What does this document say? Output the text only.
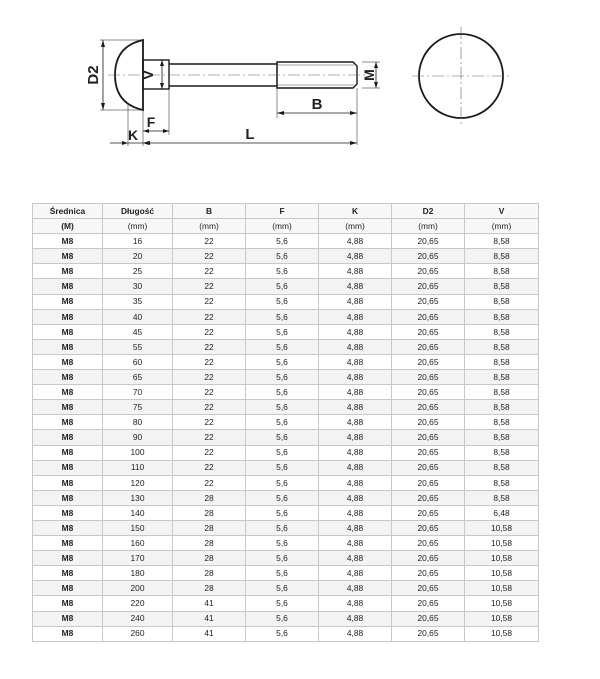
D2	V	M
B
F
K	L
Średnica	Długość	B	F	K	D2	V
(M)	(mm)	(mm)	(mm)	(mm)	(mm)	(mm)
M8	16	22	5,6	4,88	20,65	8,58
M8	20	22	5,6	4,88	20,65	8,58
M8	25	22	5,6	4,88	20,65	8,58
M8	30	22	5,6	4,88	20,65	8,58
M8	35	22	5,6	4,88	20,65	8,58
M8	40	22	5,6	4,88	20,65	8,58
M8	45	22	5,6	4,88	20,65	8,58
M8	55	22	5,6	4,88	20,65	8,58
M8	60	22	5,6	4,88	20,65	8,58
M8	65	22	5,6	4,88	20,65	8,58
M8	70	22	5,6	4,88	20,65	8,58
M8	75	22	5,6	4,88	20,65	8,58
M8	80	22	5,6	4,88	20,65	8,58
M8	90	22	5,6	4,88	20,65	8,58
M8	100	22	5,6	4,88	20,65	8,58
M8	110	22	5,6	4,88	20,65	8,58
M8	120	22	5,6	4,88	20,65	8,58
M8	130	28	5,6	4,88	20,65	8,58
M8	140	28	5,6	4,88	20,65	6,48
M8	150	28	5,6	4,88	20,65	10,58
M8	160	28	5,6	4,88	20,65	10,58
M8	170	28	5,6	4,88	20,65	10,58
M8	180	28	5,6	4,88	20,65	10,58
M8	200	28	5,6	4,88	20,65	10,58
M8	220	41	5,6	4,88	20,65	10,58
M8	240	41	5,6	4,88	20,65	10,58
M8	260	41	5,6	4,88	20,65	10,58
